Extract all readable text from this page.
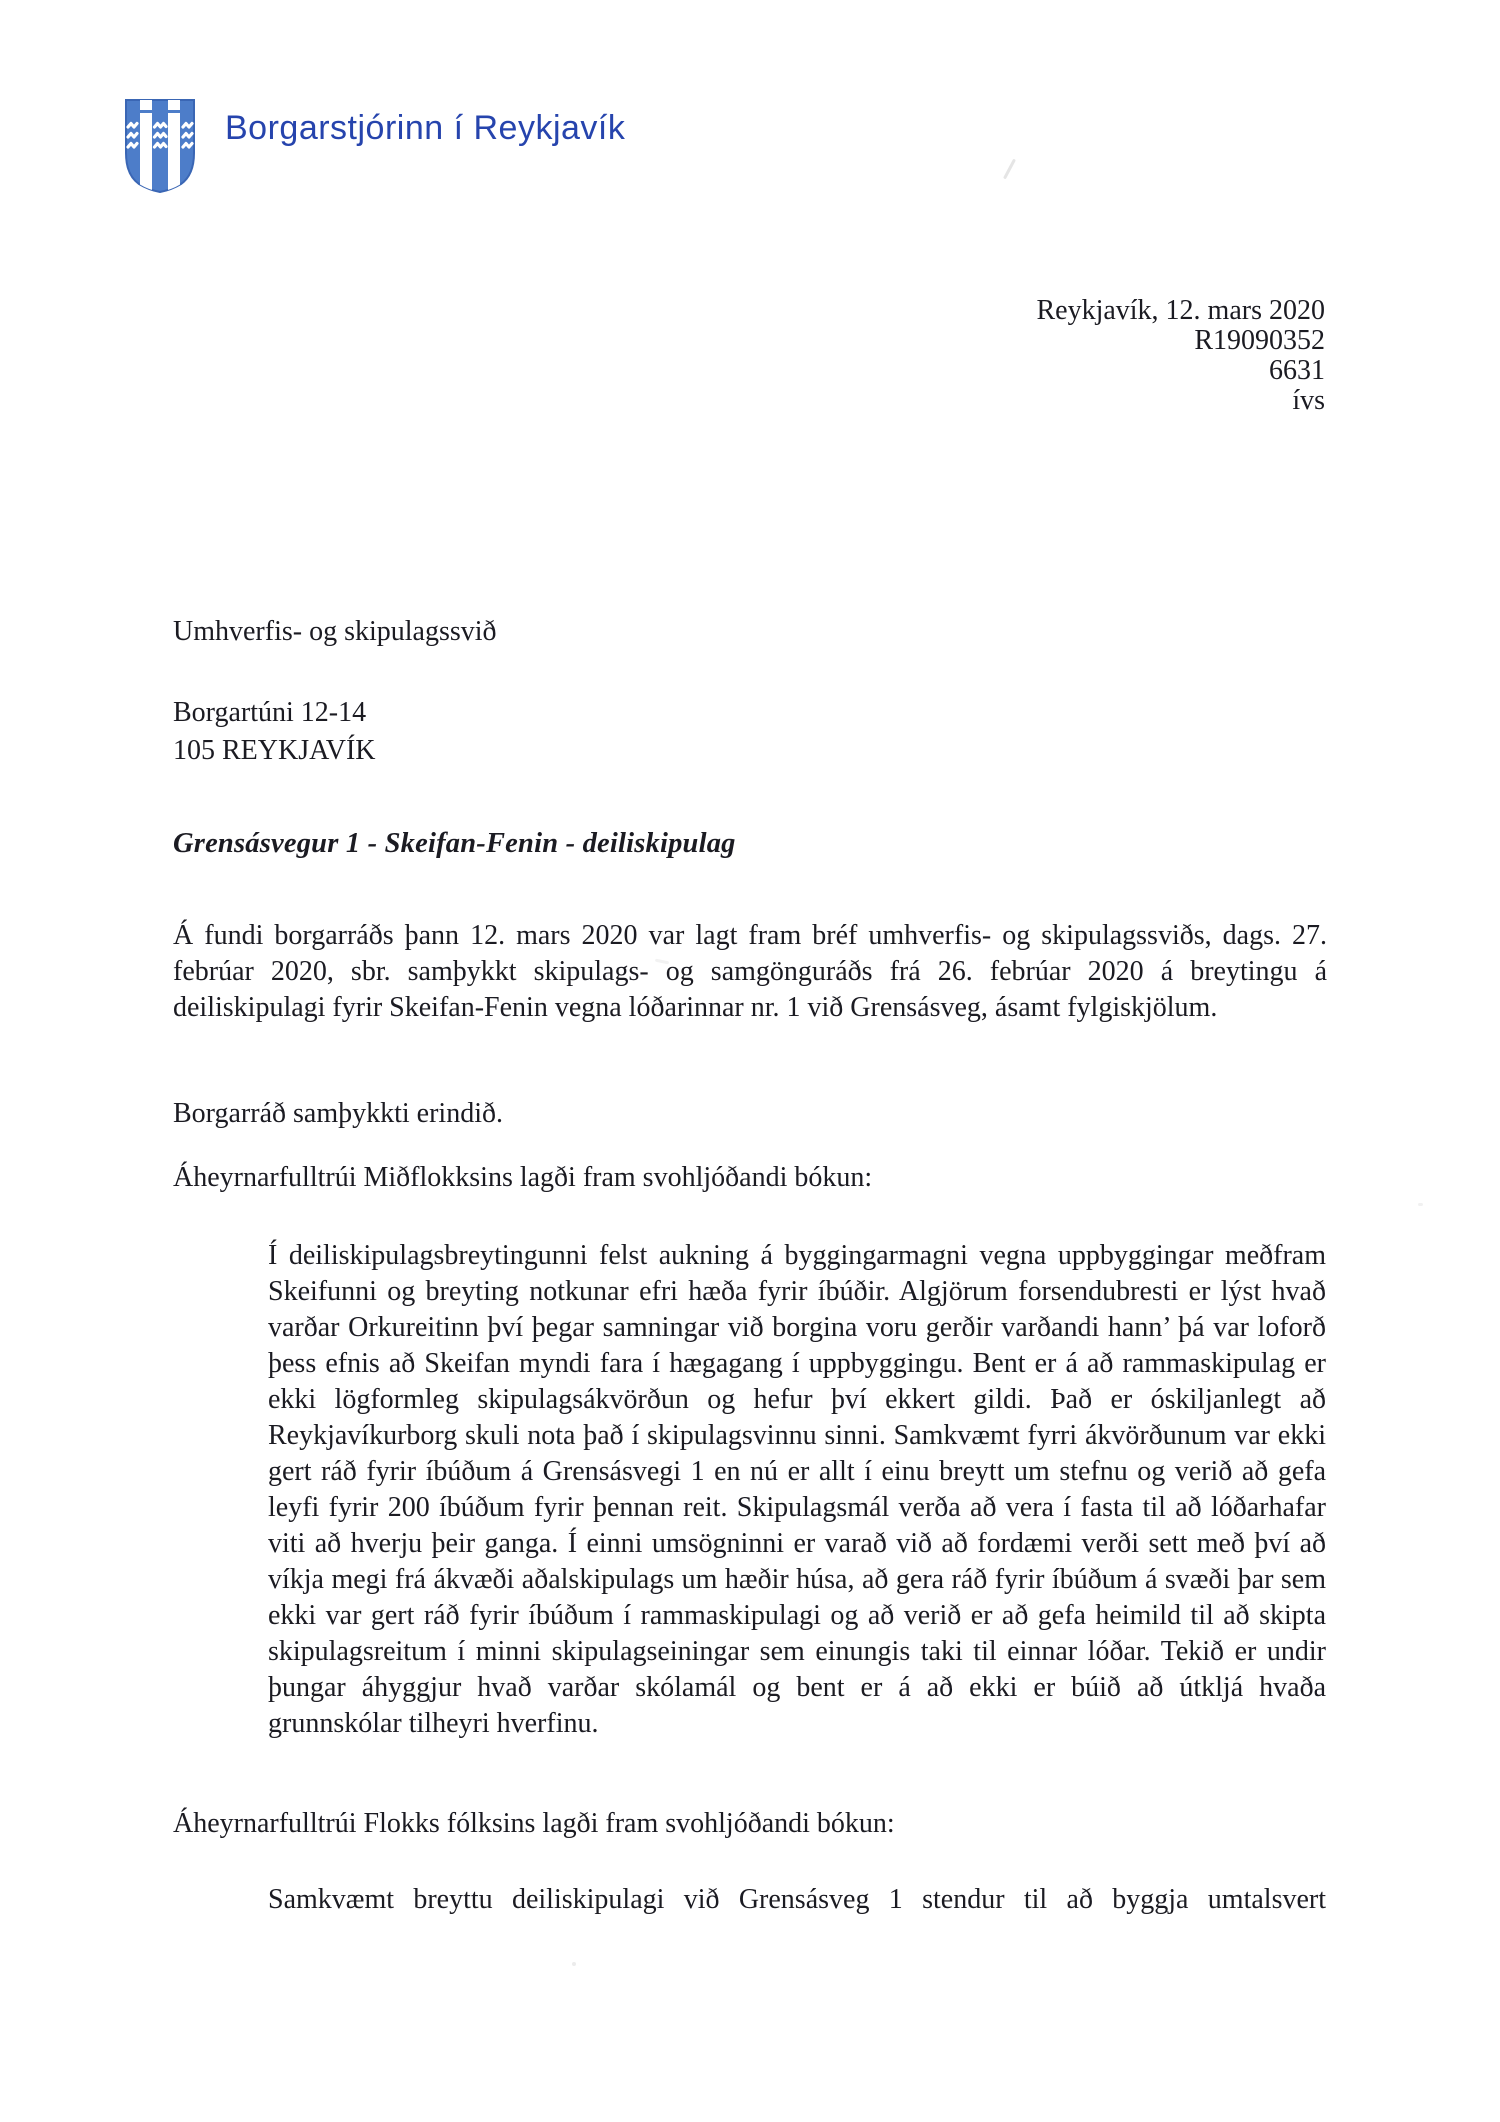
Borgarstjórinn í Reykjavík
Reykjavík, 12. mars 2020
R19090352
6631
ívs
Umhverfis- og skipulagssvið
Borgartúni 12-14
105 REYKJAVÍK
Grensásvegur 1 - Skeifan-Fenin - deiliskipulag
Á fundi borgarráðs þann 12. mars 2020 var lagt fram bréf umhverfis- og skipulagssviðs, dags. 27. febrúar 2020, sbr. samþykkt skipulags- og samgönguráðs frá 26. febrúar 2020 á breytingu á deiliskipulagi fyrir Skeifan-Fenin vegna lóðarinnar nr. 1 við Grensásveg, ásamt fylgiskjölum.
Borgarráð samþykkti erindið.
Áheyrnarfulltrúi Miðflokksins lagði fram svohljóðandi bókun:
Í deiliskipulagsbreytingunni felst aukning á byggingarmagni vegna uppbyggingar meðfram Skeifunni og breyting notkunar efri hæða fyrir íbúðir. Algjörum forsendubresti er lýst hvað varðar Orkureitinn því þegar samningar við borgina voru gerðir varðandi hann’ þá var loforð þess efnis að Skeifan myndi fara í hægagang í uppbyggingu. Bent er á að rammaskipulag er ekki lögformleg skipulagsákvörðun og hefur því ekkert gildi. Það er óskiljanlegt að Reykjavíkurborg skuli nota það í skipulagsvinnu sinni. Samkvæmt fyrri ákvörðunum var ekki gert ráð fyrir íbúðum á Grensásvegi 1 en nú er allt í einu breytt um stefnu og verið að gefa leyfi fyrir 200 íbúðum fyrir þennan reit. Skipulagsmál verða að vera í fasta til að lóðarhafar viti að hverju þeir ganga. Í einni umsögninni er varað við að fordæmi verði sett með því að víkja megi frá ákvæði aðalskipulags um hæðir húsa, að gera ráð fyrir íbúðum á svæði þar sem ekki var gert ráð fyrir íbúðum í rammaskipulagi og að verið er að gefa heimild til að skipta skipulagsreitum í minni skipulagseiningar sem einungis taki til einnar lóðar. Tekið er undir þungar áhyggjur hvað varðar skólamál og bent er á að ekki er búið að útkljá hvaða grunnskólar tilheyri hverfinu.
Áheyrnarfulltrúi Flokks fólksins lagði fram svohljóðandi bókun:
Samkvæmt breyttu deiliskipulagi við Grensásveg 1 stendur til að byggja umtalsvert
